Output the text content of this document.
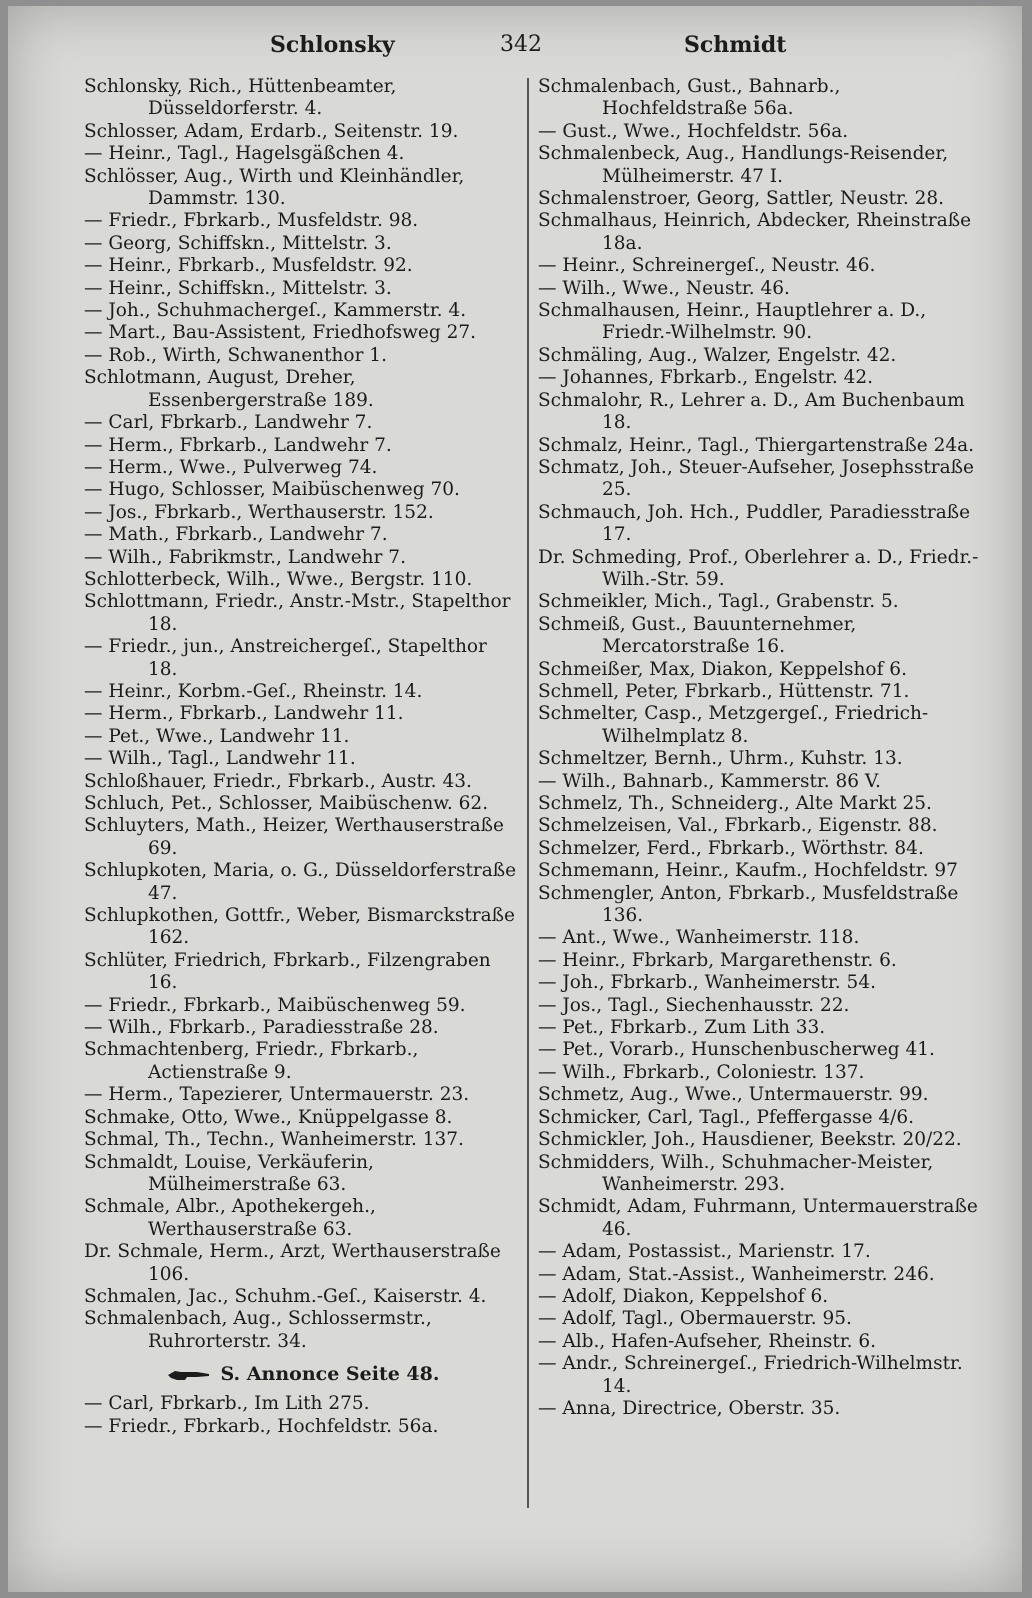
Schlonsky	342	Schmidt
Schlonsky, Rich., Hüttenbeamter, Düsseldorferstr. 4.
Schlosser, Adam, Erdarb., Seitenstr. 19.
— Heinr., Tagl., Hagelsgäßchen 4.
Schlösser, Aug., Wirth und Kleinhändler, Dammstr. 130.
— Friedr., Fbrkarb., Musfeldstr. 98.
— Georg, Schiffskn., Mittelstr. 3.
— Heinr., Fbrkarb., Musfeldstr. 92.
— Heinr., Schiffskn., Mittelstr. 3.
— Joh., Schuhmachergeſ., Kammerstr. 4.
— Mart., Bau-Assistent, Friedhofsweg 27.
— Rob., Wirth, Schwanenthor 1.
Schlotmann, August, Dreher, Essenbergerstraße 189.
— Carl, Fbrkarb., Landwehr 7.
— Herm., Fbrkarb., Landwehr 7.
— Herm., Wwe., Pulverweg 74.
— Hugo, Schlosser, Maibüschenweg 70.
— Jos., Fbrkarb., Werthauserstr. 152.
— Math., Fbrkarb., Landwehr 7.
— Wilh., Fabrikmstr., Landwehr 7.
Schlotterbeck, Wilh., Wwe., Bergstr. 110.
Schlottmann, Friedr., Anstr.-Mstr., Stapelthor 18.
— Friedr., jun., Anstreichergeſ., Stapelthor 18.
— Heinr., Korbm.-Geſ., Rheinstr. 14.
— Herm., Fbrkarb., Landwehr 11.
— Pet., Wwe., Landwehr 11.
— Wilh., Tagl., Landwehr 11.
Schloßhauer, Friedr., Fbrkarb., Austr. 43.
Schluch, Pet., Schlosser, Maibüschenw. 62.
Schluyters, Math., Heizer, Werthauserstraße 69.
Schlupkoten, Maria, o. G., Düsseldorferstraße 47.
Schlupkothen, Gottfr., Weber, Bismarckstraße 162.
Schlüter, Friedrich, Fbrkarb., Filzengraben 16.
— Friedr., Fbrkarb., Maibüschenweg 59.
— Wilh., Fbrkarb., Paradiesstraße 28.
Schmachtenberg, Friedr., Fbrkarb., Actienstraße 9.
— Herm., Tapezierer, Untermauerstr. 23.
Schmake, Otto, Wwe., Knüppelgasse 8.
Schmal, Th., Techn., Wanheimerstr. 137.
Schmaldt, Louise, Verkäuferin, Mülheimerstraße 63.
Schmale, Albr., Apothekergeh., Werthauserstraße 63.
Dr. Schmale, Herm., Arzt, Werthauserstraße 106.
Schmalen, Jac., Schuhm.-Geſ., Kaiserstr. 4.
Schmalenbach, Aug., Schlossermstr., Ruhrorterstr. 34.
S. Annonce Seite 48.
— Carl, Fbrkarb., Im Lith 275.
— Friedr., Fbrkarb., Hochfeldstr. 56a.
Schmalenbach, Gust., Bahnarb., Hochfeldstraße 56a.
— Gust., Wwe., Hochfeldstr. 56a.
Schmalenbeck, Aug., Handlungs-Reisender, Mülheimerstr. 47 I.
Schmalenstroer, Georg, Sattler, Neustr. 28.
Schmalhaus, Heinrich, Abdecker, Rheinstraße 18a.
— Heinr., Schreinergeſ., Neustr. 46.
— Wilh., Wwe., Neustr. 46.
Schmalhausen, Heinr., Hauptlehrer a. D., Friedr.-Wilhelmstr. 90.
Schmäling, Aug., Walzer, Engelstr. 42.
— Johannes, Fbrkarb., Engelstr. 42.
Schmalohr, R., Lehrer a. D., Am Buchenbaum 18.
Schmalz, Heinr., Tagl., Thiergartenstraße 24a.
Schmatz, Joh., Steuer-Aufseher, Josephsstraße 25.
Schmauch, Joh. Hch., Puddler, Paradiesstraße 17.
Dr. Schmeding, Prof., Oberlehrer a. D., Friedr.-Wilh.-Str. 59.
Schmeikler, Mich., Tagl., Grabenstr. 5.
Schmeiß, Gust., Bauunternehmer, Mercatorstraße 16.
Schmeißer, Max, Diakon, Keppelshof 6.
Schmell, Peter, Fbrkarb., Hüttenstr. 71.
Schmelter, Casp., Metzgergeſ., Friedrich-Wilhelmplatz 8.
Schmeltzer, Bernh., Uhrm., Kuhstr. 13.
— Wilh., Bahnarb., Kammerstr. 86 V.
Schmelz, Th., Schneiderg., Alte Markt 25.
Schmelzeisen, Val., Fbrkarb., Eigenstr. 88.
Schmelzer, Ferd., Fbrkarb., Wörthstr. 84.
Schmemann, Heinr., Kaufm., Hochfeldstr. 97
Schmengler, Anton, Fbrkarb., Musfeldstraße 136.
— Ant., Wwe., Wanheimerstr. 118.
— Heinr., Fbrkarb, Margarethenstr. 6.
— Joh., Fbrkarb., Wanheimerstr. 54.
— Jos., Tagl., Siechenhausstr. 22.
— Pet., Fbrkarb., Zum Lith 33.
— Pet., Vorarb., Hunschenbuscherweg 41.
— Wilh., Fbrkarb., Coloniestr. 137.
Schmetz, Aug., Wwe., Untermauerstr. 99.
Schmicker, Carl, Tagl., Pfeffergasse 4/6.
Schmickler, Joh., Hausdiener, Beekstr. 20/22.
Schmidders, Wilh., Schuhmacher-Meister, Wanheimerstr. 293.
Schmidt, Adam, Fuhrmann, Untermauerstraße 46.
— Adam, Postassist., Marienstr. 17.
— Adam, Stat.-Assist., Wanheimerstr. 246.
— Adolf, Diakon, Keppelshof 6.
— Adolf, Tagl., Obermauerstr. 95.
— Alb., Hafen-Aufseher, Rheinstr. 6.
— Andr., Schreinergeſ., Friedrich-Wilhelmstr. 14.
— Anna, Directrice, Oberstr. 35.
